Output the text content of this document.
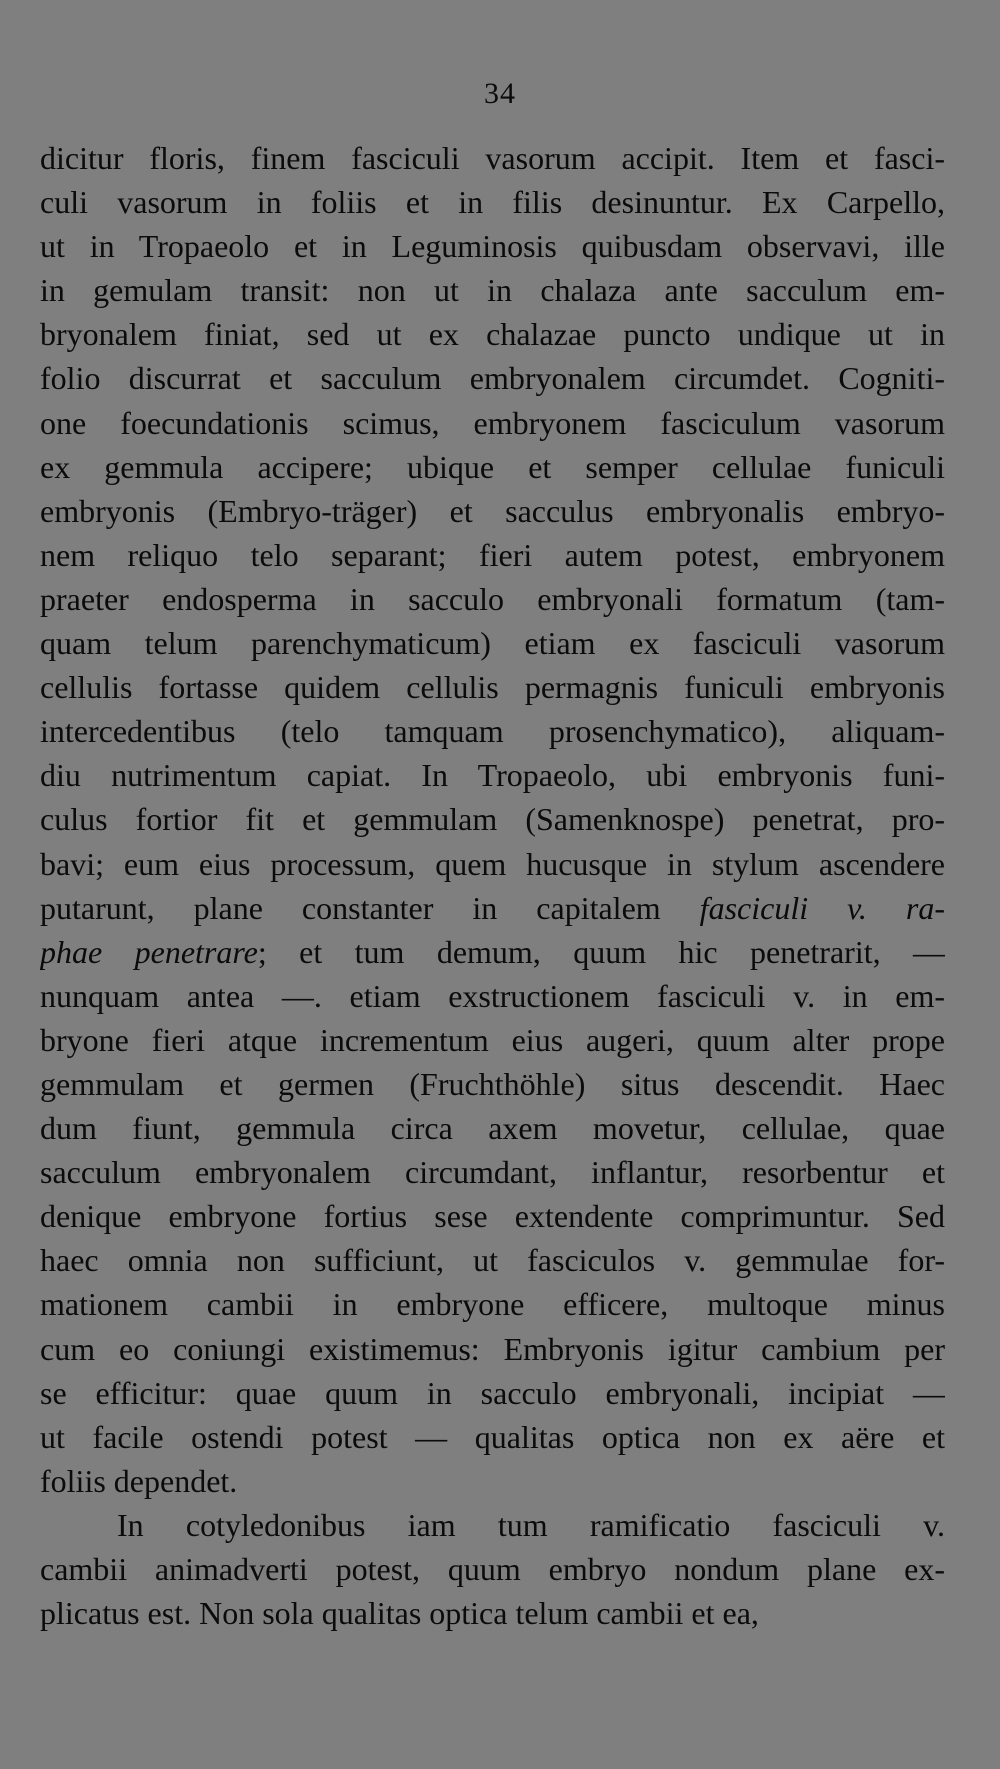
34
dicitur floris, finem fasciculi vasorum accipit. Item et fasci-
culi vasorum in foliis et in filis desinuntur. Ex Carpello,
ut in Tropaeolo et in Leguminosis quibusdam observavi, ille
in gemulam transit: non ut in chalaza ante sacculum em-
bryonalem finiat, sed ut ex chalazae puncto undique ut in
folio discurrat et sacculum embryonalem circumdet. Cogniti-
one foecundationis scimus, embryonem fasciculum vasorum
ex gemmula accipere; ubique et semper cellulae funiculi
embryonis (Embryo-träger) et sacculus embryonalis embryo-
nem reliquo telo separant; fieri autem potest, embryonem
praeter endosperma in sacculo embryonali formatum (tam-
quam telum parenchymaticum) etiam ex fasciculi vasorum
cellulis fortasse quidem cellulis permagnis funiculi embryonis
intercedentibus (telo tamquam prosenchymatico), aliquam-
diu nutrimentum capiat. In Tropaeolo, ubi embryonis funi-
culus fortior fit et gemmulam (Samenknospe) penetrat, pro-
bavi; eum eius processum, quem hucusque in stylum ascendere
putarunt, plane constanter in capitalem fasciculi v. ra-
phae penetrare; et tum demum, quum hic penetrarit, —
nunquam antea —. etiam exstructionem fasciculi v. in em-
bryone fieri atque incrementum eius augeri, quum alter prope
gemmulam et germen (Fruchthöhle) situs descendit. Haec
dum fiunt, gemmula circa axem movetur, cellulae, quae
sacculum embryonalem circumdant, inflantur, resorbentur et
denique embryone fortius sese extendente comprimuntur. Sed
haec omnia non sufficiunt, ut fasciculos v. gemmulae for-
mationem cambii in embryone efficere, multoque minus
cum eo coniungi existimemus: Embryonis igitur cambium per
se efficitur: quae quum in sacculo embryonali, incipiat —
ut facile ostendi potest — qualitas optica non ex aëre et
foliis dependet.
In cotyledonibus iam tum ramificatio fasciculi v.
cambii animadverti potest, quum embryo nondum plane ex-
plicatus est. Non sola qualitas optica telum cambii et ea,
